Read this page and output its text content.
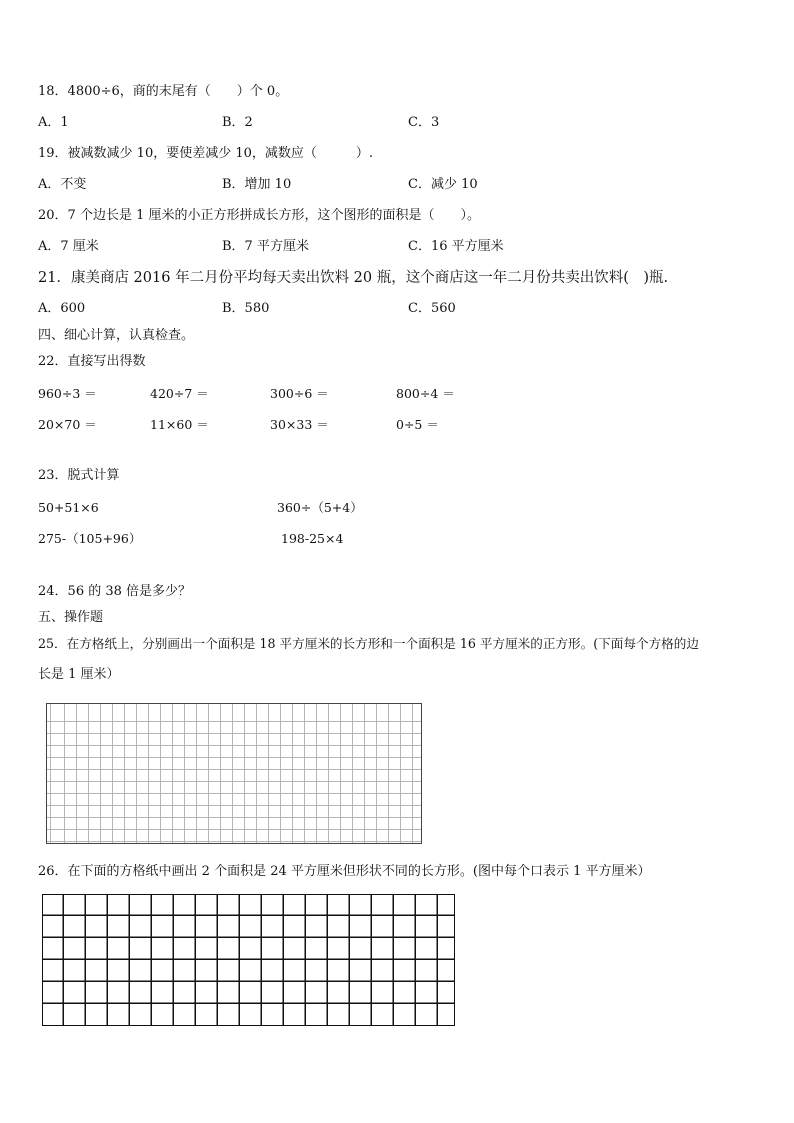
18．4800÷6，商的末尾有（　　）个 0。
A．1	B．2	C．3
19．被减数减少 10，要使差减少 10，减数应（　　　）.
A．不变	B．增加 10	C．减少 10
20．7 个边长是 1 厘米的小正方形拼成长方形，这个图形的面积是（　　）。
A．7 厘米	B．7 平方厘米	C．16 平方厘米
21．康美商店 2016 年二月份平均每天卖出饮料 20 瓶，这个商店这一年二月份共卖出饮料(　)瓶.
A．600	B．580	C．560
四、细心计算，认真检查。
22．直接写出得数
960÷3 ＝	420÷7 ＝	300÷6 ＝	800÷4 ＝
20×70 ＝	11×60 ＝	30×33 ＝	0÷5 ＝
23．脱式计算
50+51×6	360÷（5+4）
275-（105+96）	198-25×4
24．56 的 38 倍是多少？
五、操作题
25．在方格纸上，分别画出一个面积是 18 平方厘米的长方形和一个面积是 16 平方厘米的正方形。(下面每个方格的边
长是 1 厘米）
26．在下面的方格纸中画出 2 个面积是 24 平方厘米但形状不同的长方形。(图中每个口表示 1 平方厘米）
